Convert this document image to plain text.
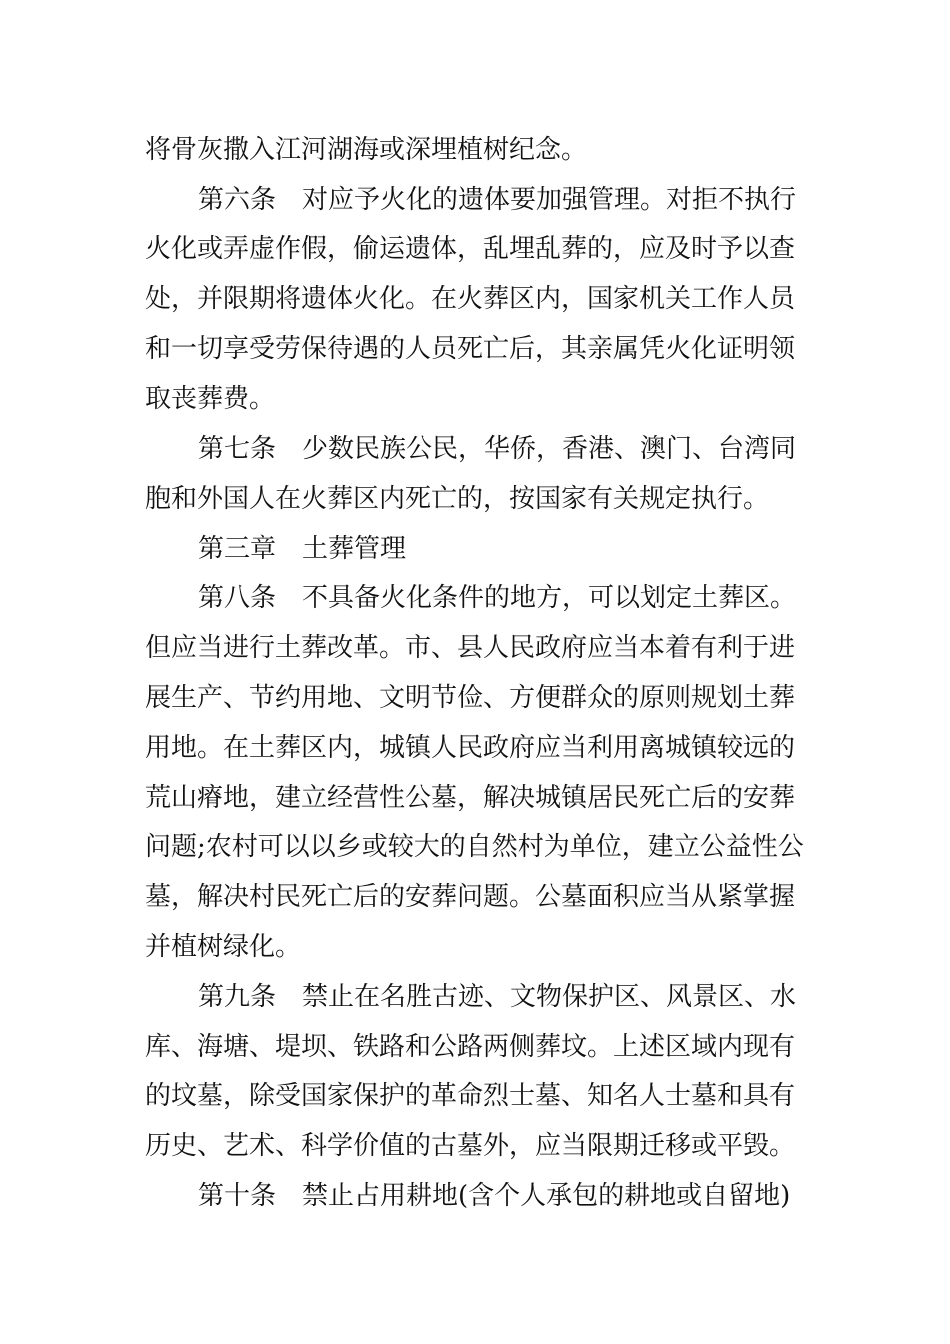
将骨灰撒入江河湖海或深埋植树纪念。
第六条　对应予火化的遗体要加强管理。对拒不执行
火化或弄虚作假，偷运遗体，乱埋乱葬的，应及时予以查
处，并限期将遗体火化。在火葬区内，国家机关工作人员
和一切享受劳保待遇的人员死亡后，其亲属凭火化证明领
取丧葬费。
第七条　少数民族公民，华侨，香港、澳门、台湾同
胞和外国人在火葬区内死亡的，按国家有关规定执行。
第三章　土葬管理
第八条　不具备火化条件的地方，可以划定土葬区。
但应当进行土葬改革。市、县人民政府应当本着有利于进
展生产、节约用地、文明节俭、方便群众的原则规划土葬
用地。在土葬区内，城镇人民政府应当利用离城镇较远的
荒山瘠地，建立经营性公墓，解决城镇居民死亡后的安葬
问题;农村可以以乡或较大的自然村为单位，建立公益性公
墓，解决村民死亡后的安葬问题。公墓面积应当从紧掌握
并植树绿化。
第九条　禁止在名胜古迹、文物保护区、风景区、水
库、海塘、堤坝、铁路和公路两侧葬坟。上述区域内现有
的坟墓，除受国家保护的革命烈士墓、知名人士墓和具有
历史、艺术、科学价值的古墓外，应当限期迁移或平毁。
第十条　禁止占用耕地(含个人承包的耕地或自留地)
